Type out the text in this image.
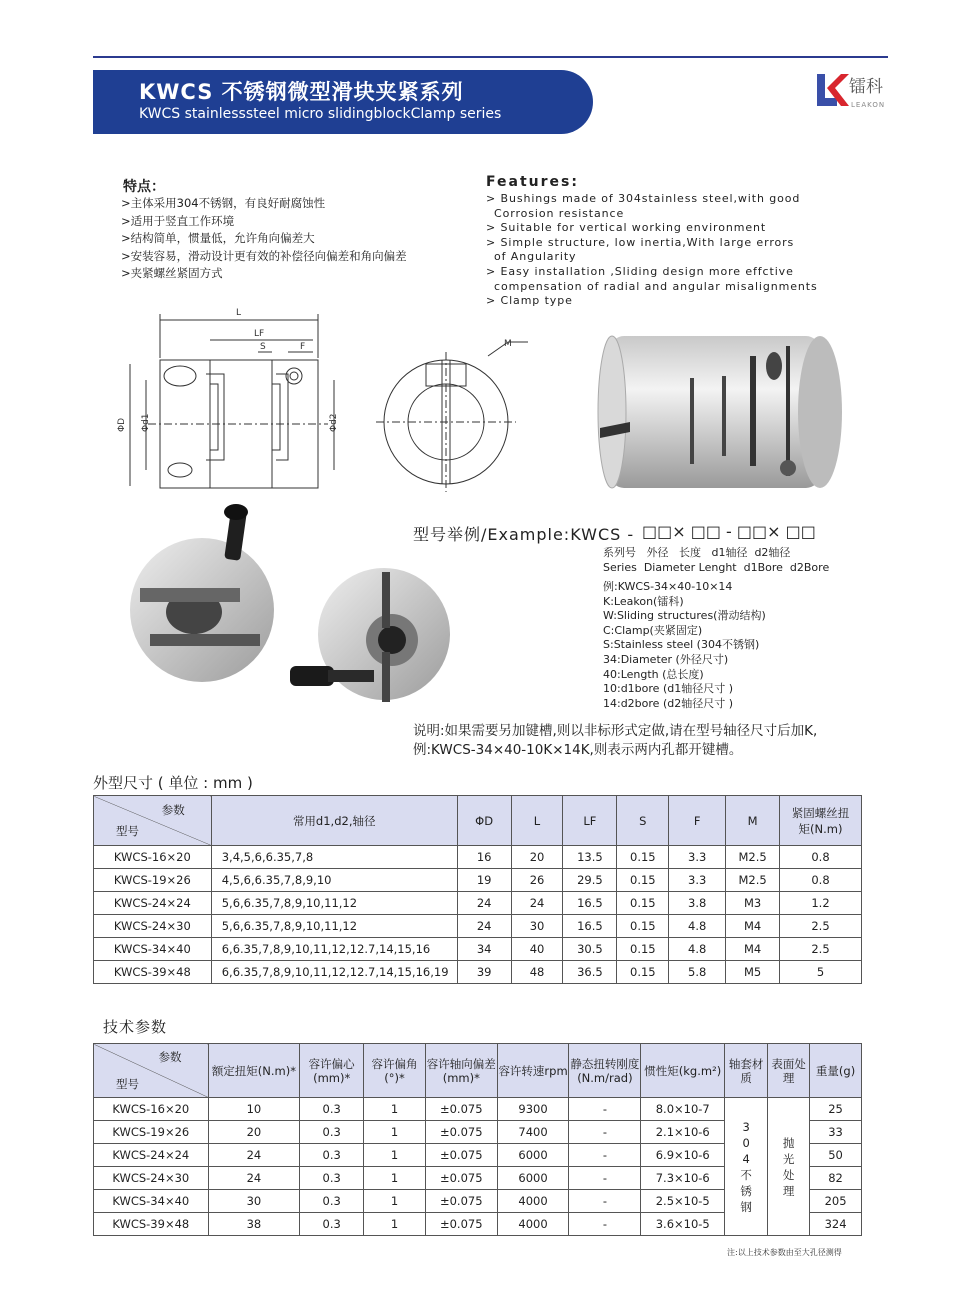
KWCS 不锈钢微型滑块夹紧系列
KWCS stainlesssteel micro slidingblockClamp series
镭科
LEAKON
特点：
>主体采用304不锈钢，有良好耐腐蚀性
>适用于竖直工作环境
>结构简单，惯量低，允许角向偏差大
>安装容易，滑动设计更有效的补偿径向偏差和角向偏差
>夹紧螺丝紧固方式
Features:
> Bushings made of 304stainless steel,with good
Corrosion resistance
> Suitable for vertical working environment
> Simple structure, low inertia,With large errors
of Angularity
> Easy installation ,Sliding design more effctive
compensation of radial and angular misalignments
> Clamp type
L
LF
S	F
ΦD Φd1	Φd2
M
型号举例/Example:KWCS - □□× □□ - □□× □□
系列号   外径   长度   d1轴径  d2轴径
Series  Diameter Lenght  d1Bore  d2Bore
例:KWCS-34×40-10×14
K:Leakon(镭科)
W:Sliding structures(滑动结构)
C:Clamp(夹紧固定)
S:Stainless steel (304不锈钢)
34:Diameter (外径尺寸)
40:Length (总长度)
10:d1bore (d1轴径尺寸 )
14:d2bore (d2轴径尺寸 )
说明:如果需要另加键槽,则以非标形式定做,请在型号轴径尺寸后加K,
例:KWCS-34×40-10K×14K,则表示两内孔都开键槽。
外型尺寸 ( 单位 : mm )
参数
型号	常用d1,d2,轴径	ΦD	L	LF	S	F	M	紧固螺丝扭矩(N.m)
KWCS-16×20	3,4,5,6,6.35,7,8	16	20	13.5	0.15	3.3	M2.5	0.8
KWCS-19×26	4,5,6,6.35,7,8,9,10	19	26	29.5	0.15	3.3	M2.5	0.8
KWCS-24×24	5,6,6.35,7,8,9,10,11,12	24	24	16.5	0.15	3.8	M3	1.2
KWCS-24×30	5,6,6.35,7,8,9,10,11,12	24	30	16.5	0.15	4.8	M4	2.5
KWCS-34×40	6,6.35,7,8,9,10,11,12,12.7,14,15,16	34	40	30.5	0.15	4.8	M4	2.5
KWCS-39×48	6,6.35,7,8,9,10,11,12,12.7,14,15,16,19	39	48	36.5	0.15	5.8	M5	5
技术参数
参数
型号	额定扭矩(N.m)*	容许偏心(mm)*	容许偏角(°)*	容许轴向偏差(mm)*	容许转速rpm	静态扭转刚度(N.m/rad)	惯性矩(kg.m²)	轴套材质	表面处理	重量(g)
KWCS-16×20	10	0.3	1	±0.075	9300	-	8.0×10-7	304不锈钢	抛光处理	25
KWCS-19×26	20	0.3	1	±0.075	7400	-	2.1×10-6			33
KWCS-24×24	24	0.3	1	±0.075	6000	-	6.9×10-6			50
KWCS-24×30	24	0.3	1	±0.075	6000	-	7.3×10-6			82
KWCS-34×40	30	0.3	1	±0.075	4000	-	2.5×10-5			205
KWCS-39×48	38	0.3	1	±0.075	4000	-	3.6×10-5			324
注:以上技术参数由至大孔径测得
